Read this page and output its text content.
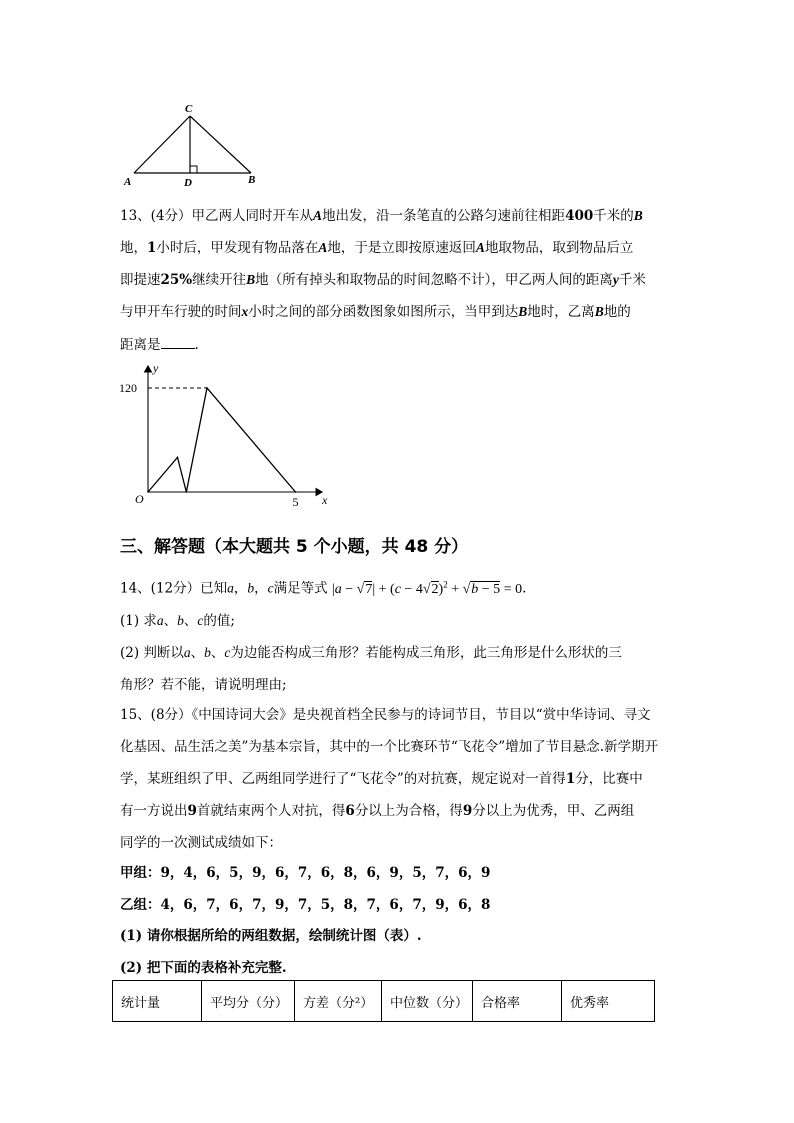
C
A	D	B
13、(4分）甲乙两人同时开车从A地出发，沿一条笔直的公路匀速前往相距400千米的B
地，1小时后，甲发现有物品落在A地，于是立即按原速返回A地取物品，取到物品后立
即提速25%继续开往B地（所有掉头和取物品的时间忽略不计），甲乙两人间的距离y千米
与甲开车行驶的时间x小时之间的部分函数图象如图所示，当甲到达B地时，乙离B地的
距离是	.
y
x
O
120
5
三、解答题（本大题共 5 个小题，共 48 分）
14、(12分）已知a，b，c满足等式 $|a - √7| + (c - 4√2)^2 + √b - 5 = 0$.
(1) 求a、b、c的值;
(2) 判断以a、b、c为边能否构成三角形？若能构成三角形，此三角形是什么形状的三
角形？若不能，请说明理由;
15、(8分）《中国诗词大会》是央视首档全民参与的诗词节目，节目以“赏中华诗词、寻文
化基因、品生活之美”为基本宗旨，其中的一个比赛环节“飞花令”增加了节目悬念.新学期开
学，某班组织了甲、乙两组同学进行了“飞花令”的对抗赛，规定说对一首得1分，比赛中
有一方说出9首就结束两个人对抗，得6分以上为合格，得9分以上为优秀，甲、乙两组
同学的一次测试成绩如下：
甲组：9，4，6，5，9，6，7，6，8，6，9，5，7，6，9
乙组：4，6，7，6，7，9，7，5，8，7，6，7，9，6，8
(1) 请你根据所给的两组数据，绘制统计图（表）.
(2) 把下面的表格补充完整.
统计量	平均分（分）	方差（分²）	中位数（分）	合格率	优秀率
